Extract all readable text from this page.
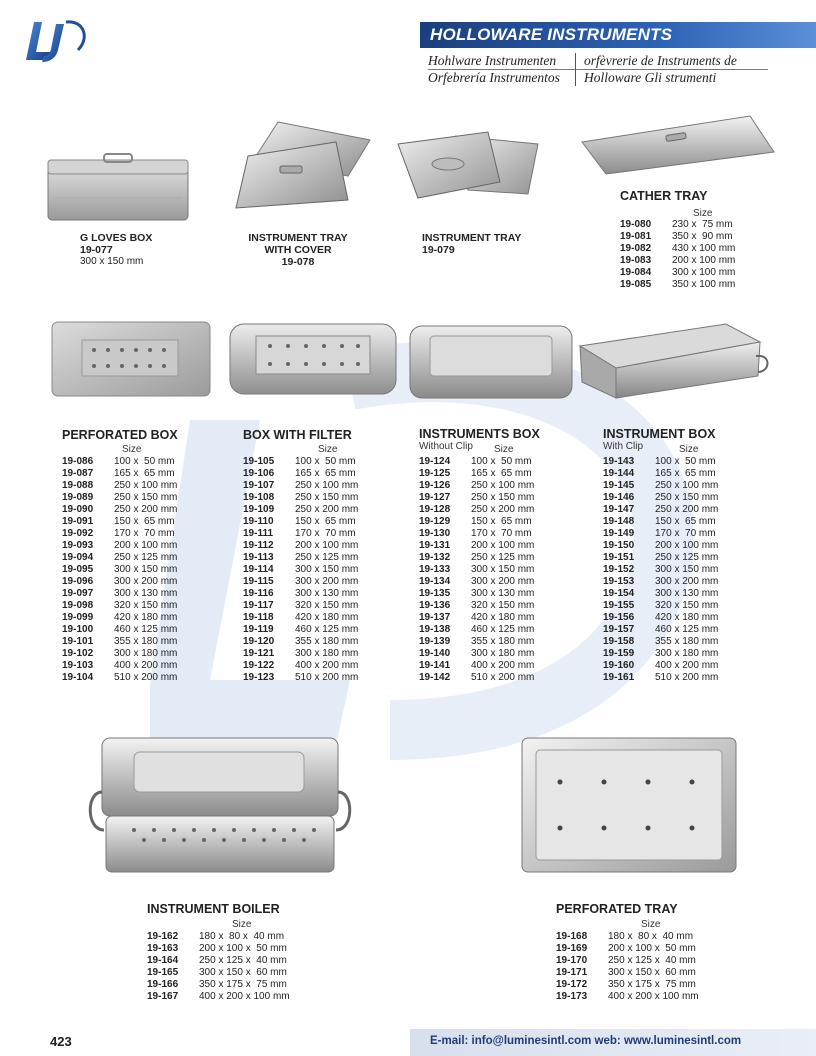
HOLLOWARE INSTRUMENTS
Hohlware Instrumenten orfèvrerie de Instruments de
Orfebrería Instrumentos Holloware Gli strumenti
G LOVES BOX
19-077
300 x 150 mm
INSTRUMENT TRAY
WITH COVER
19-078
INSTRUMENT TRAY
19-079
CATHER TRAY
Size
19-080	230 x  75 mm
19-081	350 x  90 mm
19-082	430 x 100 mm
19-083	200 x 100 mm
19-084	300 x 100 mm
19-085	350 x 100 mm
PERFORATED BOX
Size
19-086	100 x  50 mm
19-087	165 x  65 mm
19-088	250 x 100 mm
19-089	250 x 150 mm
19-090	250 x 200 mm
19-091	150 x  65 mm
19-092	170 x  70 mm
19-093	200 x 100 mm
19-094	250 x 125 mm
19-095	300 x 150 mm
19-096	300 x 200 mm
19-097	300 x 130 mm
19-098	320 x 150 mm
19-099	420 x 180 mm
19-100	460 x 125 mm
19-101	355 x 180 mm
19-102	300 x 180 mm
19-103	400 x 200 mm
19-104	510 x 200 mm
BOX WITH FILTER
Size
19-105	100 x  50 mm
19-106	165 x  65 mm
19-107	250 x 100 mm
19-108	250 x 150 mm
19-109	250 x 200 mm
19-110	150 x  65 mm
19-111	170 x  70 mm
19-112	200 x 100 mm
19-113	250 x 125 mm
19-114	300 x 150 mm
19-115	300 x 200 mm
19-116	300 x 130 mm
19-117	320 x 150 mm
19-118	420 x 180 mm
19-119	460 x 125 mm
19-120	355 x 180 mm
19-121	300 x 180 mm
19-122	400 x 200 mm
19-123	510 x 200 mm
INSTRUMENTS BOX
Without Clip Size
19-124	100 x  50 mm
19-125	165 x  65 mm
19-126	250 x 100 mm
19-127	250 x 150 mm
19-128	250 x 200 mm
19-129	150 x  65 mm
19-130	170 x  70 mm
19-131	200 x 100 mm
19-132	250 x 125 mm
19-133	300 x 150 mm
19-134	300 x 200 mm
19-135	300 x 130 mm
19-136	320 x 150 mm
19-137	420 x 180 mm
19-138	460 x 125 mm
19-139	355 x 180 mm
19-140	300 x 180 mm
19-141	400 x 200 mm
19-142	510 x 200 mm
INSTRUMENT BOX
With Clip	Size
19-143	100 x  50 mm
19-144	165 x  65 mm
19-145	250 x 100 mm
19-146	250 x 150 mm
19-147	250 x 200 mm
19-148	150 x  65 mm
19-149	170 x  70 mm
19-150	200 x 100 mm
19-151	250 x 125 mm
19-152	300 x 150 mm
19-153	300 x 200 mm
19-154	300 x 130 mm
19-155	320 x 150 mm
19-156	420 x 180 mm
19-157	460 x 125 mm
19-158	355 x 180 mm
19-159	300 x 180 mm
19-160	400 x 200 mm
19-161	510 x 200 mm
INSTRUMENT BOILER
Size
19-162	180 x  80 x  40 mm
19-163	200 x 100 x  50 mm
19-164	250 x 125 x  40 mm
19-165	300 x 150 x  60 mm
19-166	350 x 175 x  75 mm
19-167	400 x 200 x 100 mm
PERFORATED TRAY
Size
19-168	180 x  80 x  40 mm
19-169	200 x 100 x  50 mm
19-170	250 x 125 x  40 mm
19-171	300 x 150 x  60 mm
19-172	350 x 175 x  75 mm
19-173	400 x 200 x 100 mm
423	E-mail: info@luminesintl.com web: www.luminesintl.com
